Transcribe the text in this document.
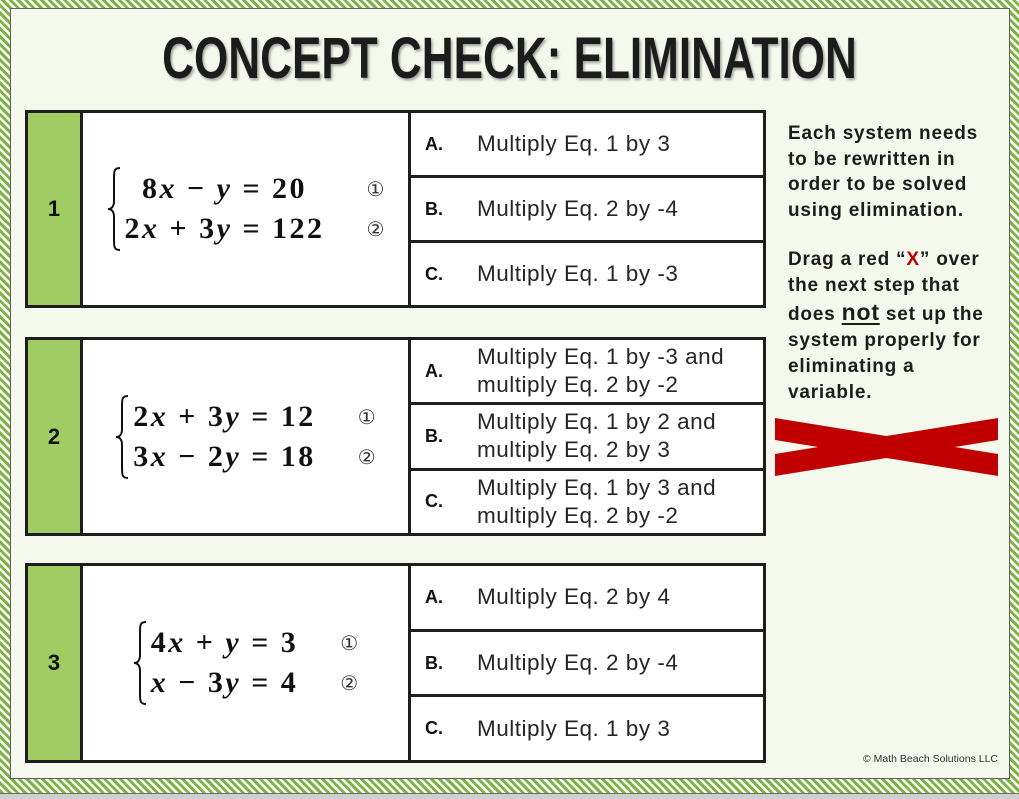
CONCEPT CHECK: ELIMINATION
1
8x − y = 20
2x + 3y = 122
①
②
A.	Multiply Eq. 1 by 3
B.	Multiply Eq. 2 by -4
C.	Multiply Eq. 1 by -3
2
2x + 3y = 12
3x − 2y = 18
①
②
A.
Multiply Eq. 1 by -3 and
multiply Eq. 2 by -2
B.
Multiply Eq. 1 by 2 and
multiply Eq. 2 by 3
C.
Multiply Eq. 1 by 3 and
multiply Eq. 2 by -2
3
4x + y = 3
x − 3y = 4
①
②
A.	Multiply Eq. 2 by 4
B.	Multiply Eq. 2 by -4
C.	Multiply Eq. 1 by 3
Each system needs
to be rewritten in
order to be solved
using elimination.
Drag a red “X” over
the next step that
does not set up the
system properly for
eliminating a
variable.
© Math Beach Solutions LLC
